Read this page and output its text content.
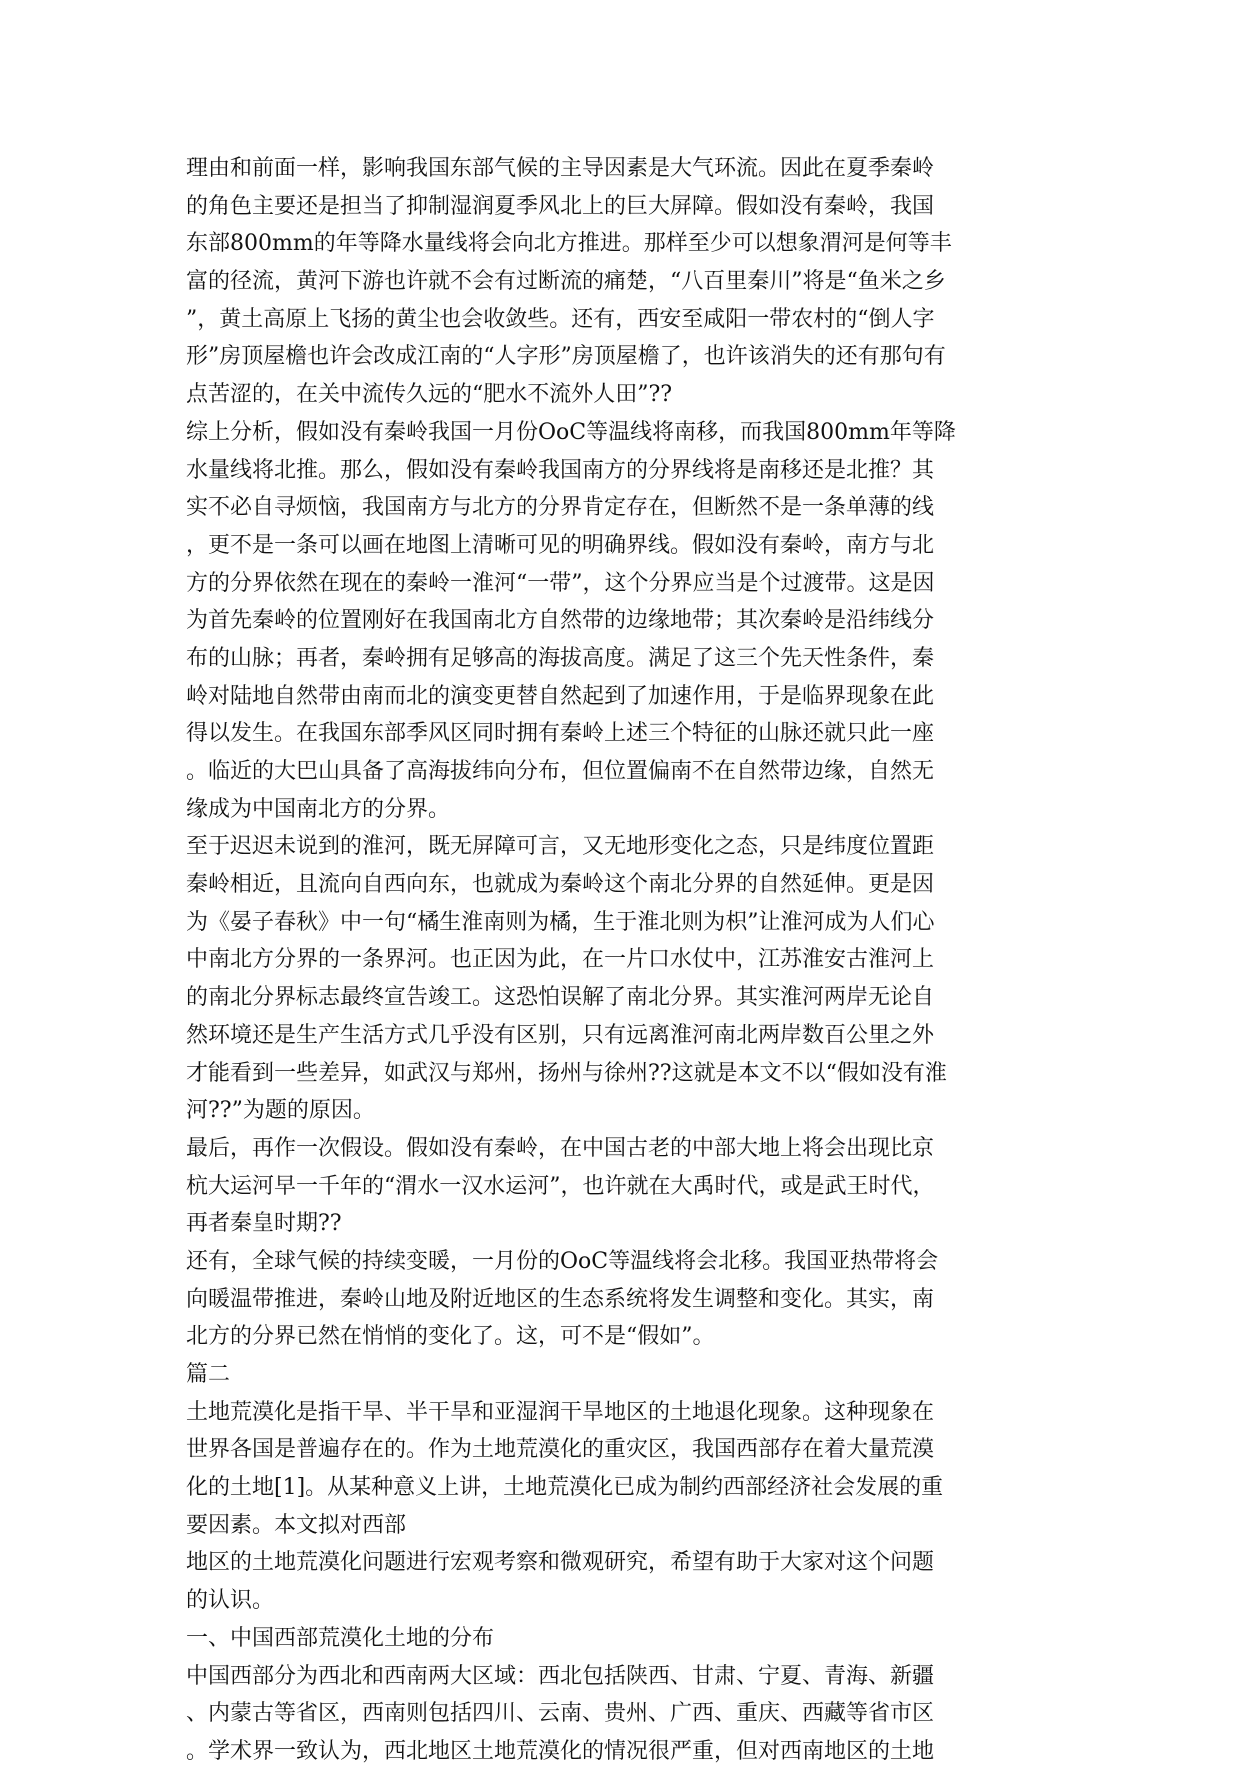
理由和前面一样，影响我国东部气候的主导因素是大气环流。因此在夏季秦岭
的角色主要还是担当了抑制湿润夏季风北上的巨大屏障。假如没有秦岭，我国
东部800mm的年等降水量线将会向北方推进。那样至少可以想象渭河是何等丰
富的径流，黄河下游也许就不会有过断流的痛楚，“八百里秦川”将是“鱼米之乡
”，黄土高原上飞扬的黄尘也会收敛些。还有，西安至咸阳一带农村的“倒人字
形”房顶屋檐也许会改成江南的“人字形”房顶屋檐了，也许该消失的还有那句有
点苦涩的，在关中流传久远的“肥水不流外人田”??
综上分析，假如没有秦岭我国一月份OoC等温线将南移，而我国800mm年等降
水量线将北推。那么，假如没有秦岭我国南方的分界线将是南移还是北推？其
实不必自寻烦恼，我国南方与北方的分界肯定存在，但断然不是一条单薄的线
，更不是一条可以画在地图上清晰可见的明确界线。假如没有秦岭，南方与北
方的分界依然在现在的秦岭一淮河“一带”，这个分界应当是个过渡带。这是因
为首先秦岭的位置刚好在我国南北方自然带的边缘地带；其次秦岭是沿纬线分
布的山脉；再者，秦岭拥有足够高的海拔高度。满足了这三个先天性条件，秦
岭对陆地自然带由南而北的演变更替自然起到了加速作用，于是临界现象在此
得以发生。在我国东部季风区同时拥有秦岭上述三个特征的山脉还就只此一座
。临近的大巴山具备了高海拔纬向分布，但位置偏南不在自然带边缘，自然无
缘成为中国南北方的分界。
至于迟迟未说到的淮河，既无屏障可言，又无地形变化之态，只是纬度位置距
秦岭相近，且流向自西向东，也就成为秦岭这个南北分界的自然延伸。更是因
为《晏子春秋》中一句“橘生淮南则为橘，生于淮北则为枳”让淮河成为人们心
中南北方分界的一条界河。也正因为此，在一片口水仗中，江苏淮安古淮河上
的南北分界标志最终宣告竣工。这恐怕误解了南北分界。其实淮河两岸无论自
然环境还是生产生活方式几乎没有区别，只有远离淮河南北两岸数百公里之外
才能看到一些差异，如武汉与郑州，扬州与徐州??这就是本文不以“假如没有淮
河??”为题的原因。
最后，再作一次假设。假如没有秦岭，在中国古老的中部大地上将会出现比京
杭大运河早一千年的“渭水一汉水运河”，也许就在大禹时代，或是武王时代，
再者秦皇时期??
还有，全球气候的持续变暖，一月份的OoC等温线将会北移。我国亚热带将会
向暖温带推进，秦岭山地及附近地区的生态系统将发生调整和变化。其实，南
北方的分界已然在悄悄的变化了。这，可不是“假如”。
篇二
土地荒漠化是指干旱、半干旱和亚湿润干旱地区的土地退化现象。这种现象在
世界各国是普遍存在的。作为土地荒漠化的重灾区，我国西部存在着大量荒漠
化的土地[1]。从某种意义上讲，土地荒漠化已成为制约西部经济社会发展的重
要因素。本文拟对西部
地区的土地荒漠化问题进行宏观考察和微观研究，希望有助于大家对这个问题
的认识。
一、中国西部荒漠化土地的分布
中国西部分为西北和西南两大区域：西北包括陕西、甘肃、宁夏、青海、新疆
、内蒙古等省区，西南则包括四川、云南、贵州、广西、重庆、西藏等省市区
。学术界一致认为，西北地区土地荒漠化的情况很严重，但对西南地区的土地
